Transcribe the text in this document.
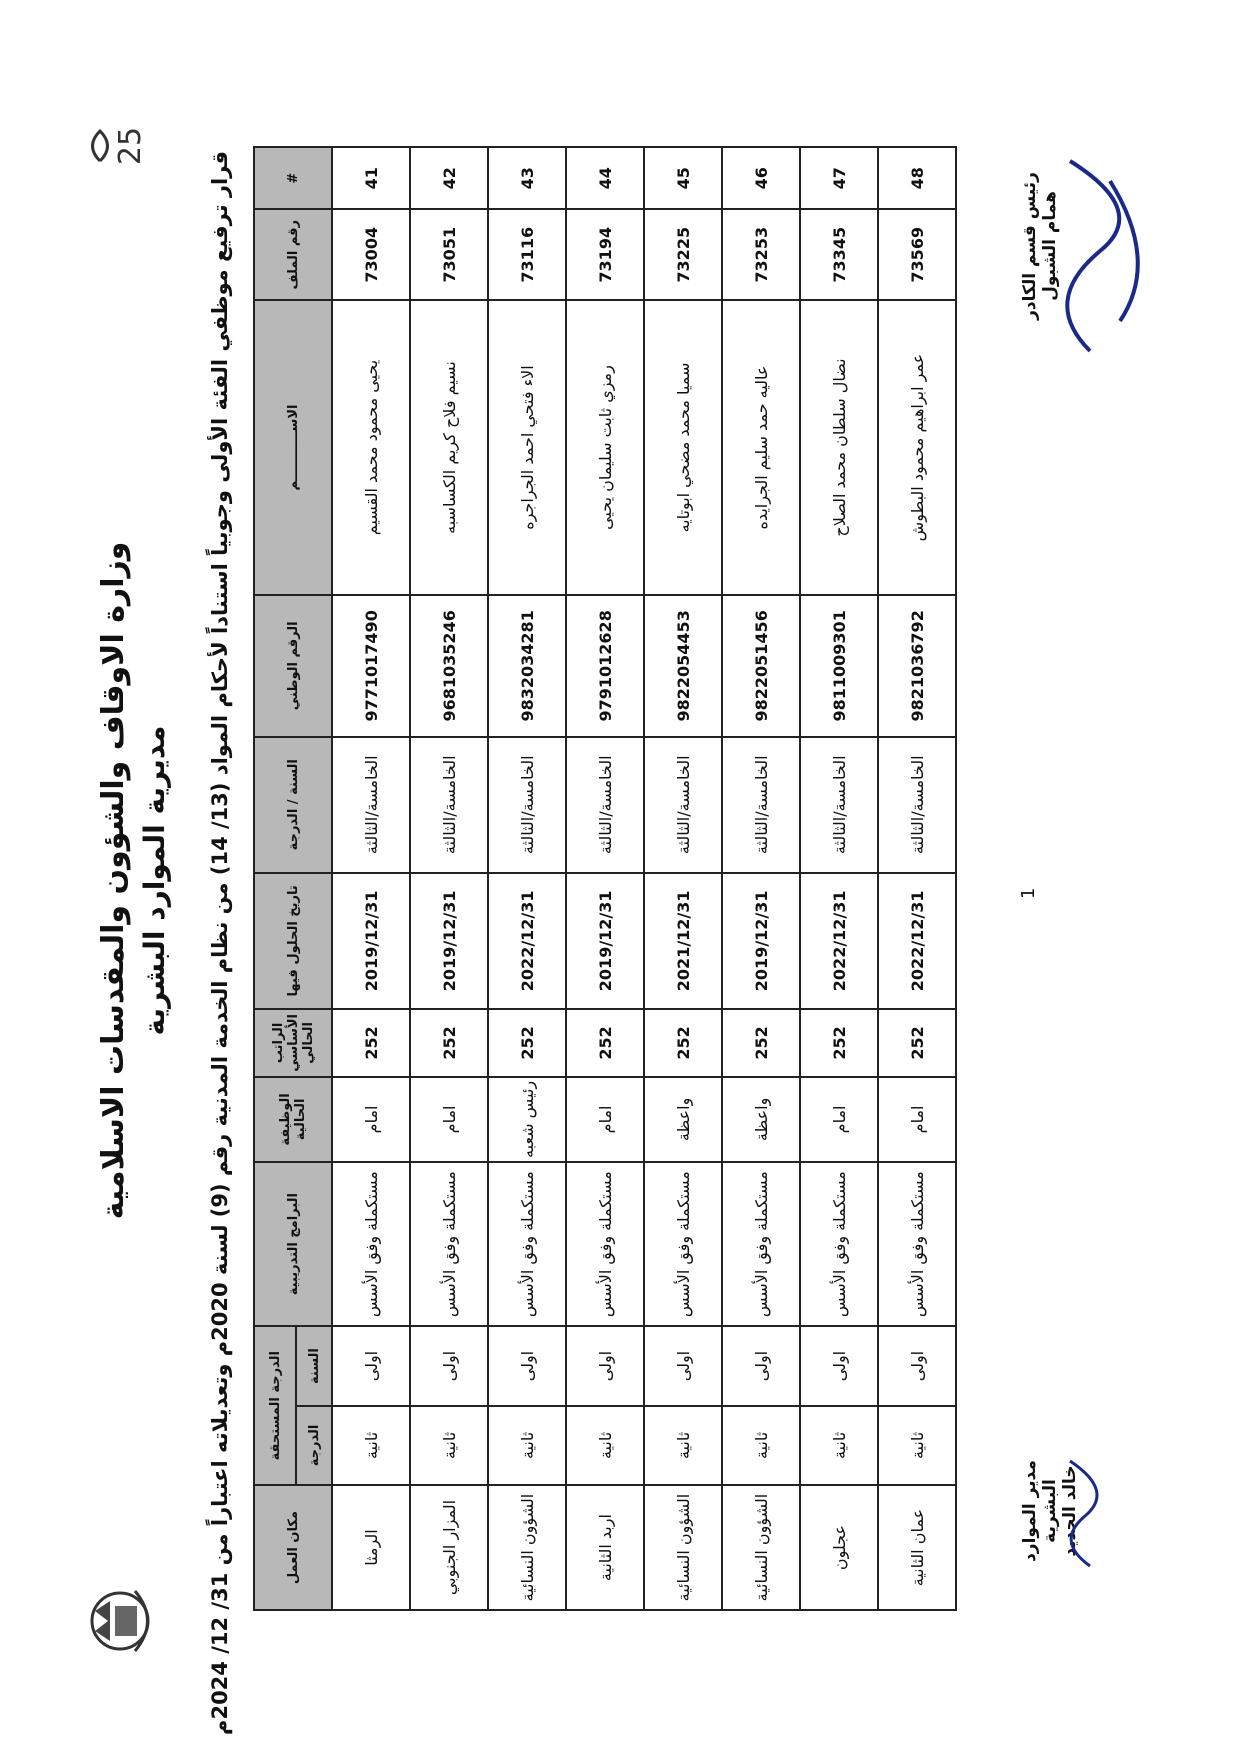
25
وزارة الاوقاف والشؤون والمقدسات الاسلامية مديرية الموارد البشرية
قرار ترفيع موظفي الفئة الأولى وجوبياً استناداً لأحكام المواد (13/ 14) من نظام الخدمة المدنية رقم (9) لسنة 2020م وتعديلاته اعتباراً من 31/ 12/ 2024م	#	رقم الملف	الاســـــــــــم	الرقم الوطني	السنة / الدرجة	تاريخ الحلول فيها	الراتب الأساسي الحالي	الوظيفة الحالية	البرامج التدريبية	الدرجة المستحقة		مكان العمل
									السنة	الدرجة	
41	73004	يحيى محمود محمد القسيم	9771017490	الخامسة/الثالثة	2019/12/31	252	امام	مستكملة وفق الأسس	اولى	ثانية	الرمثا
42	73051	نسيم فلاح كريم الكساسبه	9681035246	الخامسة/الثالثة	2019/12/31	252	امام	مستكملة وفق الأسس	اولى	ثانية	المزار الجنوبي
43	73116	الاء فتحي احمد الجراجره	9832034281	الخامسة/الثالثة	2022/12/31	252	رئيس شعبه	مستكملة وفق الأسس	اولى	ثانية	الشؤون النسائية
44	73194	رمزي ثابت سليمان يحيى	9791012628	الخامسة/الثالثة	2019/12/31	252	امام	مستكملة وفق الأسس	اولى	ثانية	اربد الثانية
45	73225	سميا محمد مضحي ابوتايه	9822054453	الخامسة/الثالثة	2021/12/31	252	واعظة	مستكملة وفق الأسس	اولى	ثانية	الشؤون النسائية
46	73253	عاليه حمد سليم الجرايده	9822051456	الخامسة/الثالثة	2019/12/31	252	واعظة	مستكملة وفق الأسس	اولى	ثانية	الشؤون النسائية
47	73345	نضال سلطان محمد الصلاح	9811009301	الخامسة/الثالثة	2022/12/31	252	امام	مستكملة وفق الأسس	اولى	ثانية	عجلون
48	73569	عمر ابراهيم محمود البطوش	9821036792	الخامسة/الثالثة	2022/12/31	252	امام	مستكملة وفق الأسس	اولى	ثانية	عمان الثانية
1
مدير الموارد البشرية خالد الحديد
رئيس قسم الكادر همام الشبول
